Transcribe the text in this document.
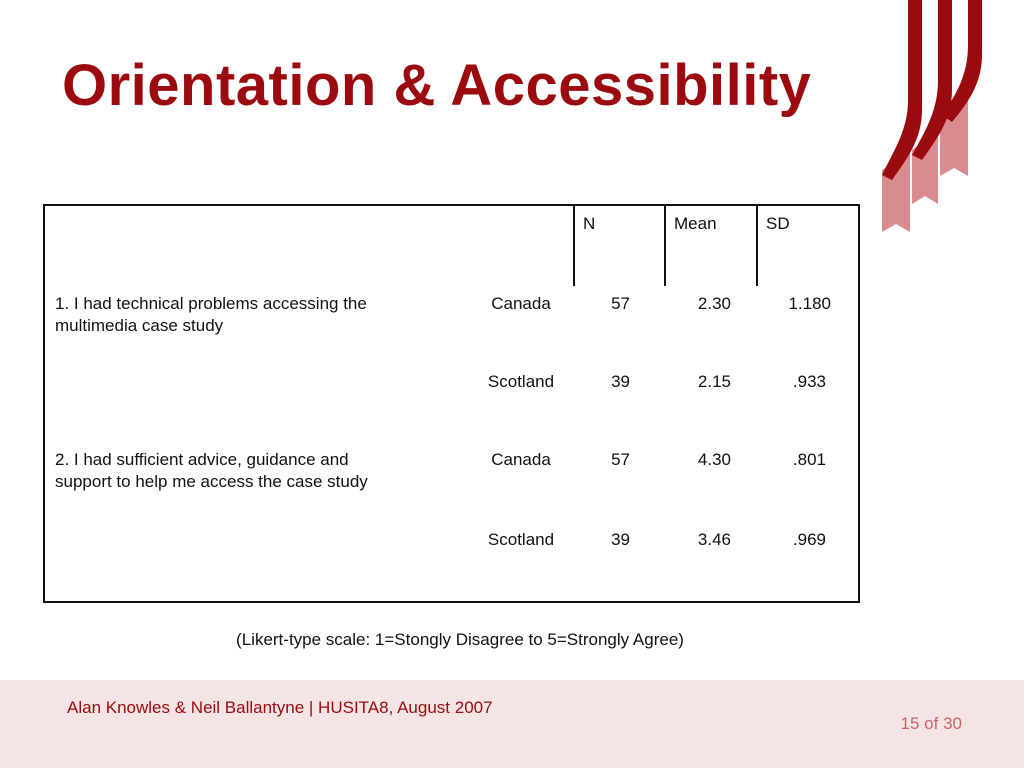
Orientation & Accessibility
N	Mean	SD
1. I had technical problems accessing the
multimedia case study
Canada	57	2.30	1.180
Scotland	39	2.15	.933
2. I had sufficient advice, guidance and
support to help me access the case study
Canada	57	4.30	.801
Scotland	39	3.46	.969
(Likert-type scale: 1=Stongly Disagree to 5=Strongly Agree)
Alan Knowles & Neil Ballantyne | HUSITA8, August 2007
15 of 30
